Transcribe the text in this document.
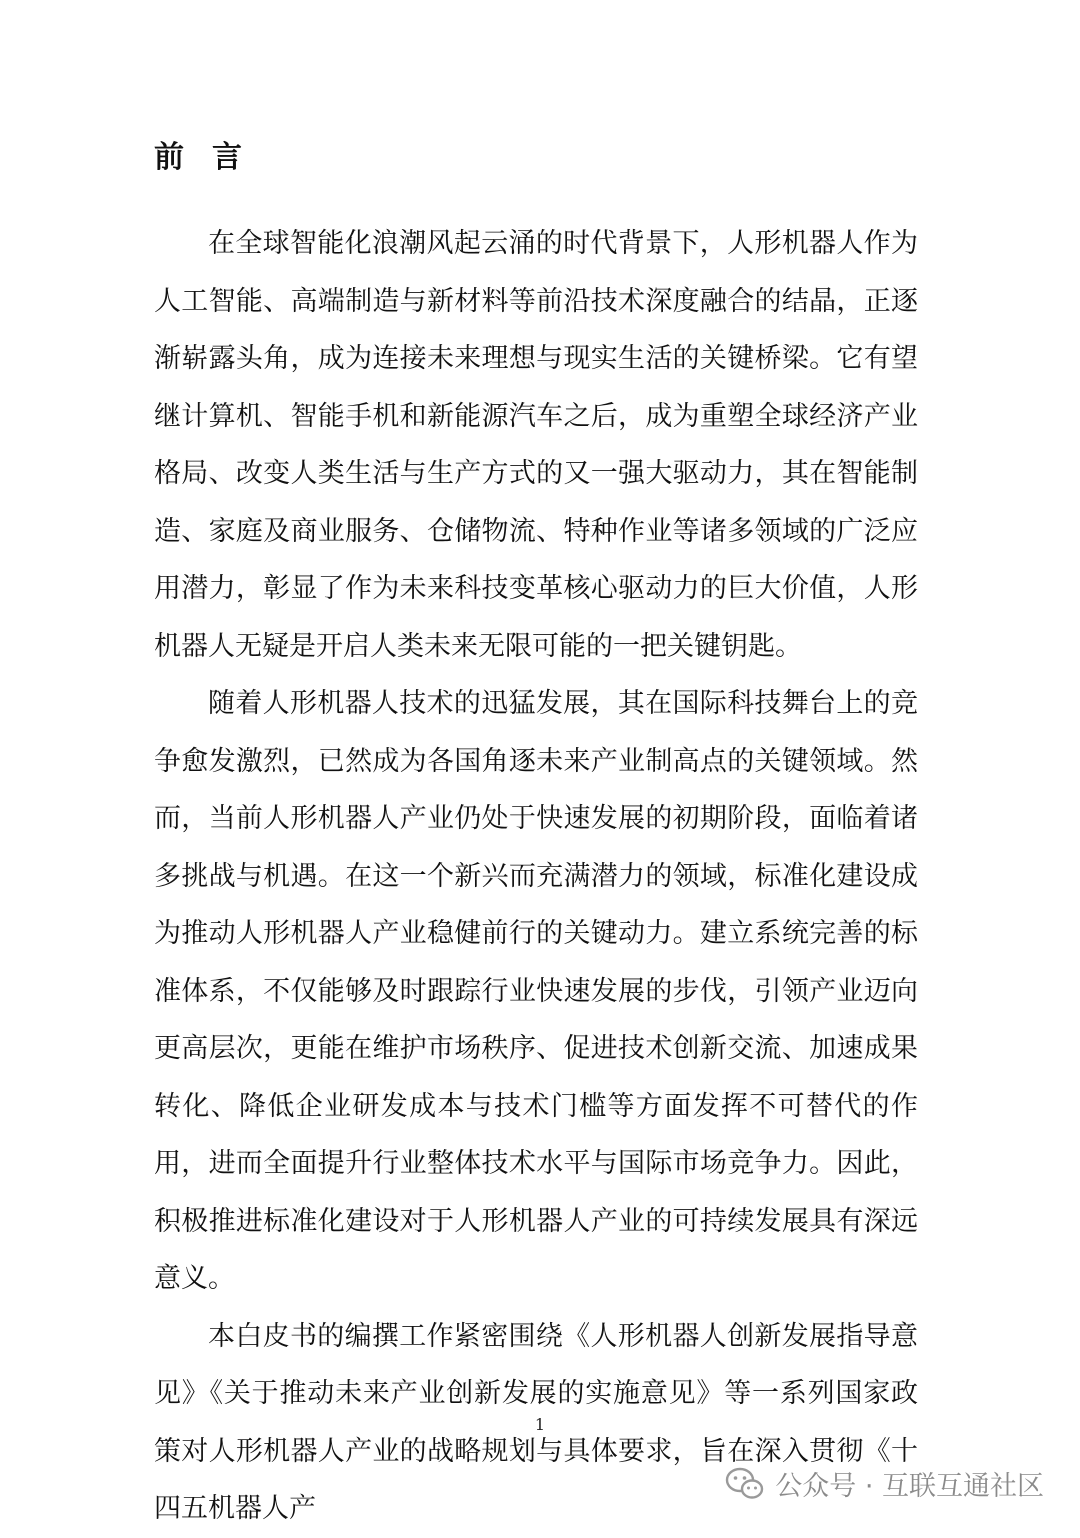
前言

在全球智能化浪潮风起云涌的时代背景下，人形机器人作为人工智能、高端制造与新材料等前沿技术深度融合的结晶，正逐渐崭露头角，成为连接未来理想与现实生活的关键桥梁。它有望继计算机、智能手机和新能源汽车之后，成为重塑全球经济产业格局、改变人类生活与生产方式的又一强大驱动力，其在智能制造、家庭及商业服务、仓储物流、特种作业等诸多领域的广泛应用潜力，彰显了作为未来科技变革核心驱动力的巨大价值，人形机器人无疑是开启人类未来无限可能的一把关键钥匙。

随着人形机器人技术的迅猛发展，其在国际科技舞台上的竞争愈发激烈，已然成为各国角逐未来产业制高点的关键领域。然而，当前人形机器人产业仍处于快速发展的初期阶段，面临着诸多挑战与机遇。在这一个新兴而充满潜力的领域，标准化建设成为推动人形机器人产业稳健前行的关键动力。建立系统完善的标准体系，不仅能够及时跟踪行业快速发展的步伐，引领产业迈向更高层次，更能在维护市场秩序、促进技术创新交流、加速成果转化、降低企业研发成本与技术门槛等方面发挥不可替代的作用，进而全面提升行业整体技术水平与国际市场竞争力。因此，积极推进标准化建设对于人形机器人产业的可持续发展具有深远意义。

本白皮书的编撰工作紧密围绕《人形机器人创新发展指导意见》《关于推动未来产业创新发展的实施意见》等一系列国家政策对人形机器人产业的战略规划与具体要求，旨在深入贯彻《十四五机器人产

1
公众号 · 互联互通社区
